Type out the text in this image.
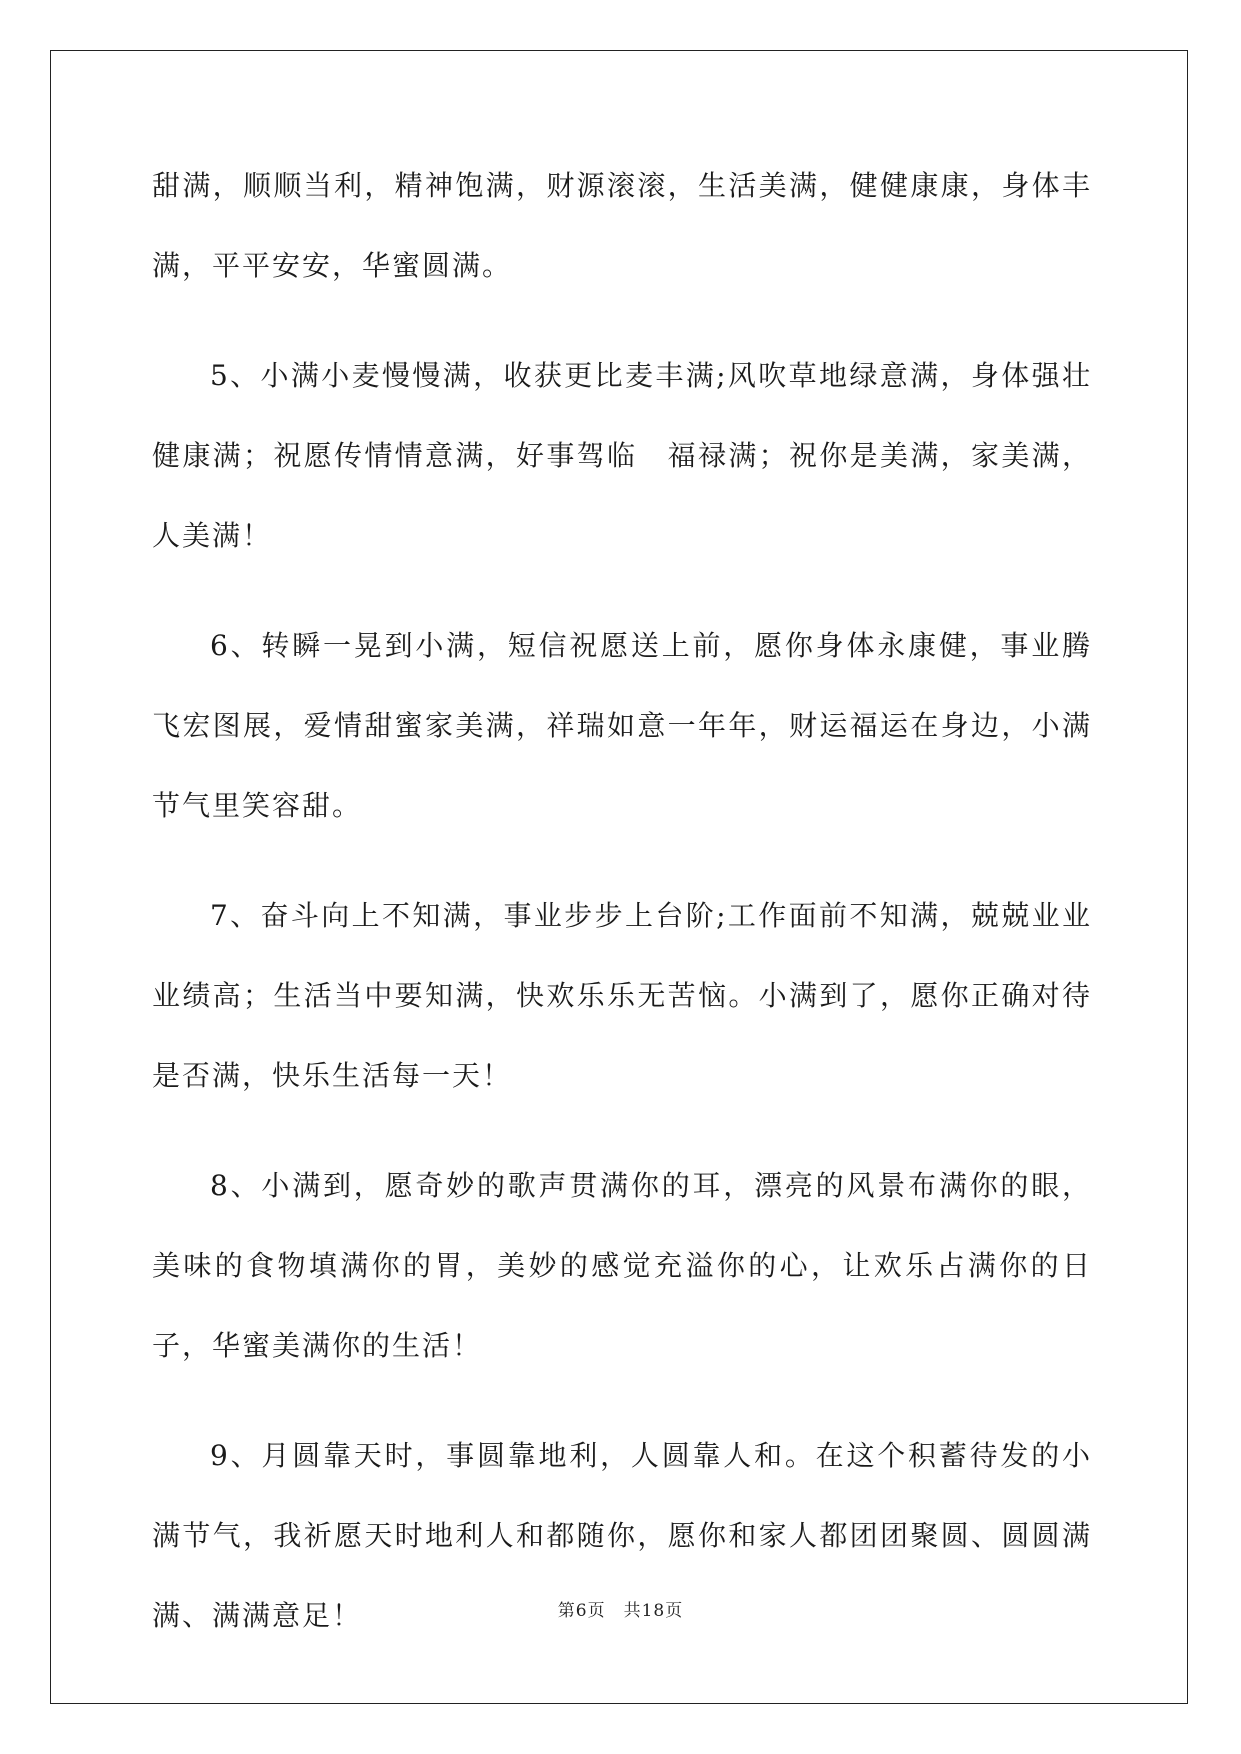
甜满，顺顺当利，精神饱满，财源滚滚，生活美满，健健康康，身体丰满，平平安安，华蜜圆满。

5、小满小麦慢慢满，收获更比麦丰满;风吹草地绿意满，身体强壮健康满；祝愿传情情意满，好事驾临　福禄满；祝你是美满，家美满，人美满！

6、转瞬一晃到小满，短信祝愿送上前，愿你身体永康健，事业腾飞宏图展，爱情甜蜜家美满，祥瑞如意一年年，财运福运在身边，小满节气里笑容甜。

7、奋斗向上不知满，事业步步上台阶;工作面前不知满，兢兢业业业绩高；生活当中要知满，快欢乐乐无苦恼。小满到了，愿你正确对待是否满，快乐生活每一天！

8、小满到，愿奇妙的歌声贯满你的耳，漂亮的风景布满你的眼，美味的食物填满你的胃，美妙的感觉充溢你的心，让欢乐占满你的日子，华蜜美满你的生活！

9、月圆靠天时，事圆靠地利，人圆靠人和。在这个积蓄待发的小满节气，我祈愿天时地利人和都随你，愿你和家人都团团聚圆、圆圆满满、满满意足！	第6页　共18页
